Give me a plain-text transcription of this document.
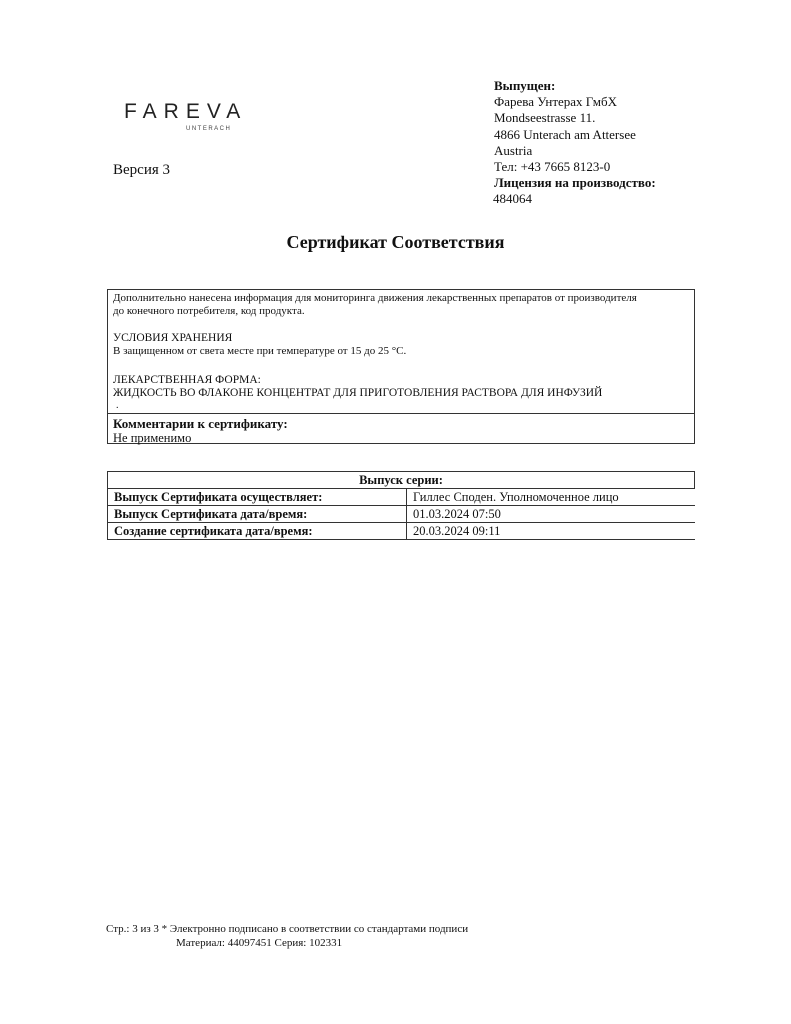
FAREVA
UNTERACH
Версия 3
Выпущен:
Фарева Унтерах ГмбХ
Mondseestrasse 11.
4866 Unterach am Attersee
Austria
Тел: +43 7665 8123-0
Лицензия на производство:
484064
Сертификат Соответствия
Дополнительно нанесена информация для мониторинга движения лекарственных препаратов от производителя
до конечного потребителя, код продукта.
УСЛОВИЯ ХРАНЕНИЯ
В защищенном от света месте при температуре от 15 до 25 °C.
ЛЕКАРСТВЕННАЯ ФОРМА:
ЖИДКОСТЬ ВО ФЛАКОНЕ КОНЦЕНТРАТ ДЛЯ ПРИГОТОВЛЕНИЯ РАСТВОРА ДЛЯ ИНФУЗИЙ
.
Комментарии к сертификату:
Не применимо
Выпуск серии:	
Выпуск Сертификата осуществляет:	Гиллес Споден. Уполномоченное лицо
Выпуск Сертификата дата/время:	01.03.2024 07:50
Создание сертификата дата/время:	20.03.2024 09:11
Стр.: 3 из 3 * Электронно подписано в соответствии со стандартами подписи
Материал: 44097451 Серия: 102331
